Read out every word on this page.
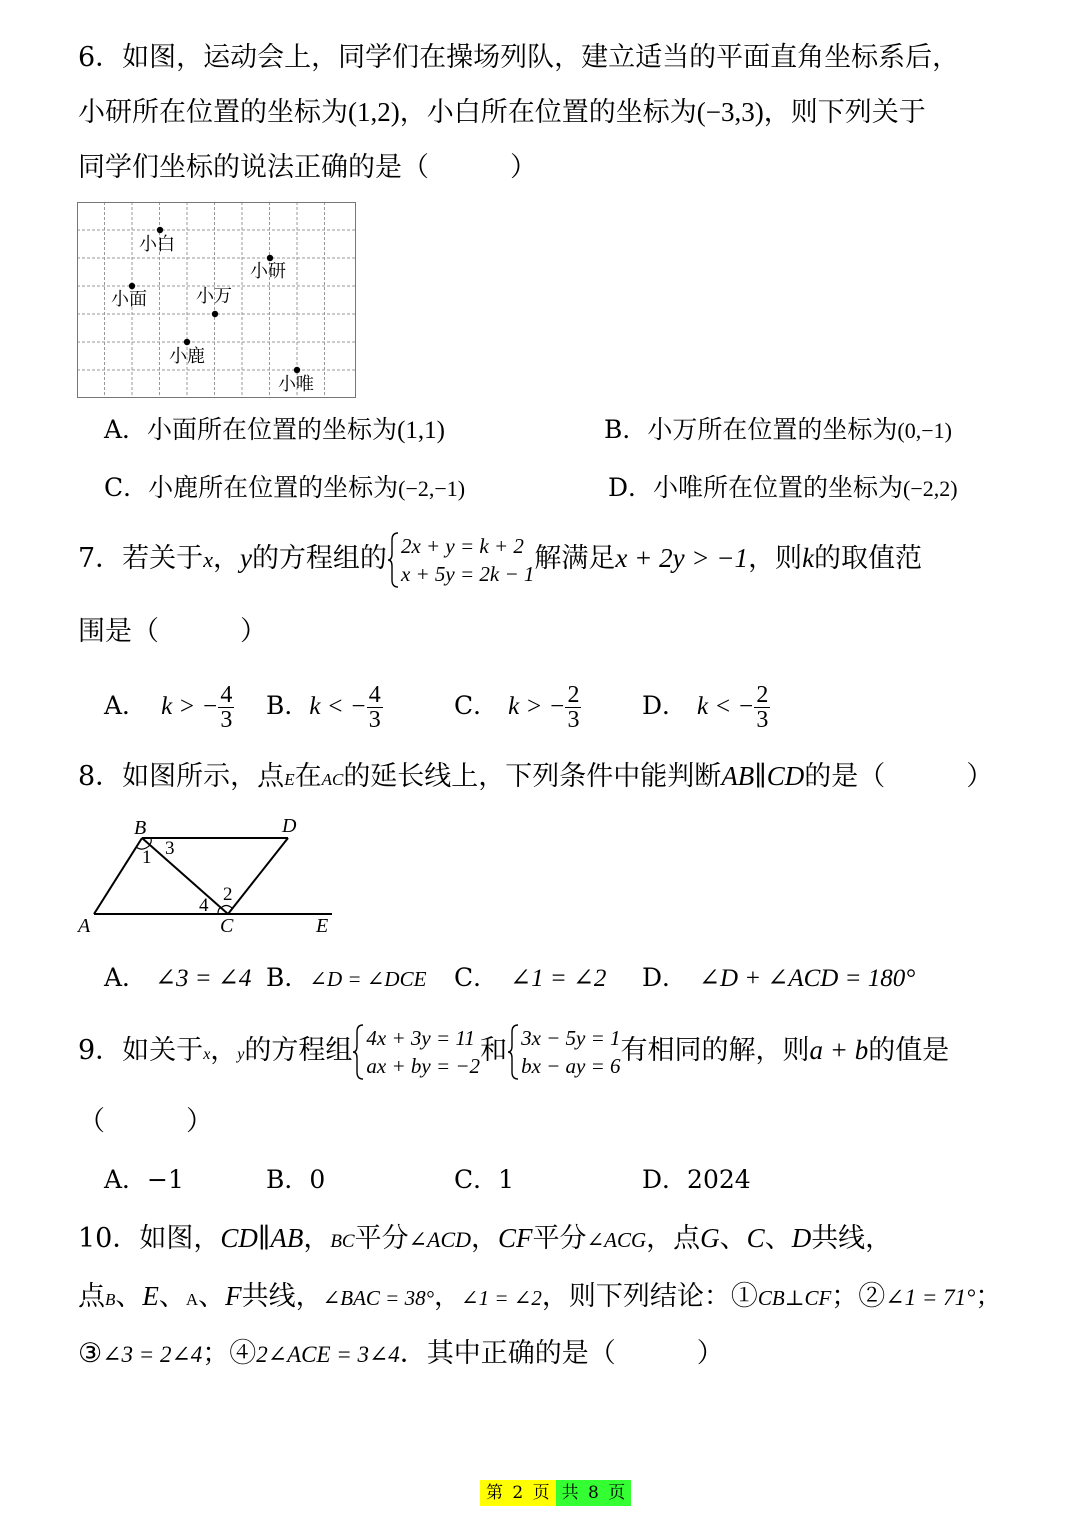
6．如图，运动会上，同学们在操场列队，建立适当的平面直角坐标系后，
小研所在位置的坐标为(1,2)，小白所在位置的坐标为(−3,3)，则下列关于
同学们坐标的说法正确的是（　　　）
小白
小研
小面	小万
小鹿
小唯
A．小面所在位置的坐标为(1,1)	B．小万所在位置的坐标为(0,−1)
C．小鹿所在位置的坐标为(−2,−1)	D．小唯所在位置的坐标为(−2,2)
7．若关于x，y的方程组的 2x + y = k + 2
x + 5y = 2k − 1 解满足x + 2y > −1，则k的取值范
围是（　　　）
A． k > − $\frac{4}{3}$ B．k < − $\frac{4}{3}$	C． k > − $\frac{2}{3}$ D． k < − $\frac{2}{3}$
8．如图所示，点E在AC的延长线上，下列条件中能判断AB∥CD的是（　　　）
B	D
A	C	E
1 3
2
4
A． ∠3 = ∠4 B．∠D = ∠DCE C． ∠1 = ∠2 D． ∠D + ∠ACD = 180°
9．如关于x，y的方程组 4x + 3y = 11
ax + by = −2 和 3x − 5y = 1
bx − ay = 6 有相同的解，则a + b的值是
（　　　）
A．−1	B．0	C．1	D．2024
10．如图，CD∥AB，BC平分∠ACD，CF平分∠ACG，点G、C、D共线，
点B、E、A、F共线，∠BAC = 38°，∠1 = ∠2，则下列结论：①CB⊥CF；②∠1 = 71°；
③∠3 = 2∠4；④2∠ACE = 3∠4．其中正确的是（　　　）
第 2 页 共 8 页
